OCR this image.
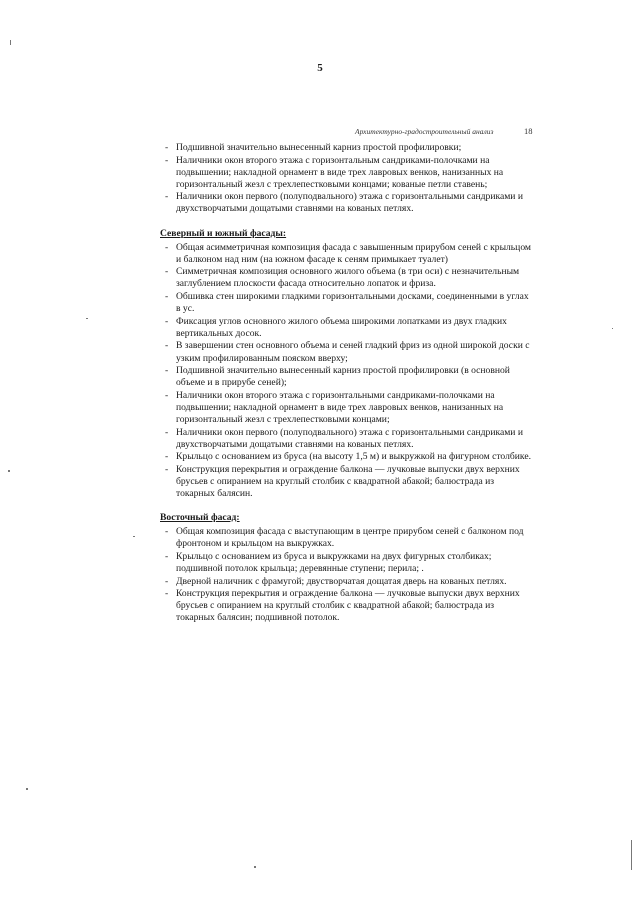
5
Архитектурно-градостроительный анализ	18
- Подшивной значительно вынесенный карниз простой профилировки;
- Наличники окон второго этажа с горизонтальным сандриками-полочками на подвышении; накладной орнамент в виде трех лавровых венков, нанизанных на горизонтальный жезл с трехлепестковыми концами; кованые петли ставень;
- Наличники окон первого (полуподвального) этажа с горизонтальными сандриками и двухстворчатыми дощатыми ставнями на кованых петлях.
Северный и южный фасады:
- Общая асимметричная композиция фасада с завышенным прирубом сеней с крыльцом и балконом над ним (на южном фасаде к сеням примыкает туалет)
- Симметричная композиция основного жилого объема (в три оси) с незначительным заглублением плоскости фасада относительно лопаток и фриза.
- Обшивка стен широкими гладкими горизонтальными досками, соединенными в углах в ус.
- Фиксация углов основного жилого объема широкими лопатками из двух гладких вертикальных досок.
- В завершении стен основного объема и сеней гладкий фриз из одной широкой доски с узким профилированным пояском вверху;
- Подшивной значительно вынесенный карниз простой профилировки (в основной объеме и в прирубе сеней);
- Наличники окон второго этажа с горизонтальными сандриками-полочками на подвышении; накладной орнамент в виде трех лавровых венков, нанизанных на горизонтальный жезл с трехлепестковыми концами;
- Наличники окон первого (полуподвального) этажа с горизонтальными сандриками и двухстворчатыми дощатыми ставнями на кованых петлях.
- Крыльцо с основанием из бруса (на высоту 1,5 м) и выкружкой на фигурном столбике.
- Конструкция перекрытия и ограждение балкона — лучковые выпуски двух верхних брусьев с опиранием на круглый столбик с квадратной абакой; балюстрада из токарных балясин.
Восточный фасад:
- Общая композиция фасада с выступающим в центре прирубом сеней с балконом под фронтоном и крыльцом на выкружках.
- Крыльцо с основанием из бруса и выкружками на двух фигурных столбиках; подшивной потолок крыльца; деревянные ступени; перила; .
- Дверной наличник с фрамугой; двустворчатая дощатая дверь на кованых петлях.
- Конструкция перекрытия и ограждение балкона — лучковые выпуски двух верхних брусьев с опиранием на круглый столбик с квадратной абакой; балюстрада из токарных балясин; подшивной потолок.
